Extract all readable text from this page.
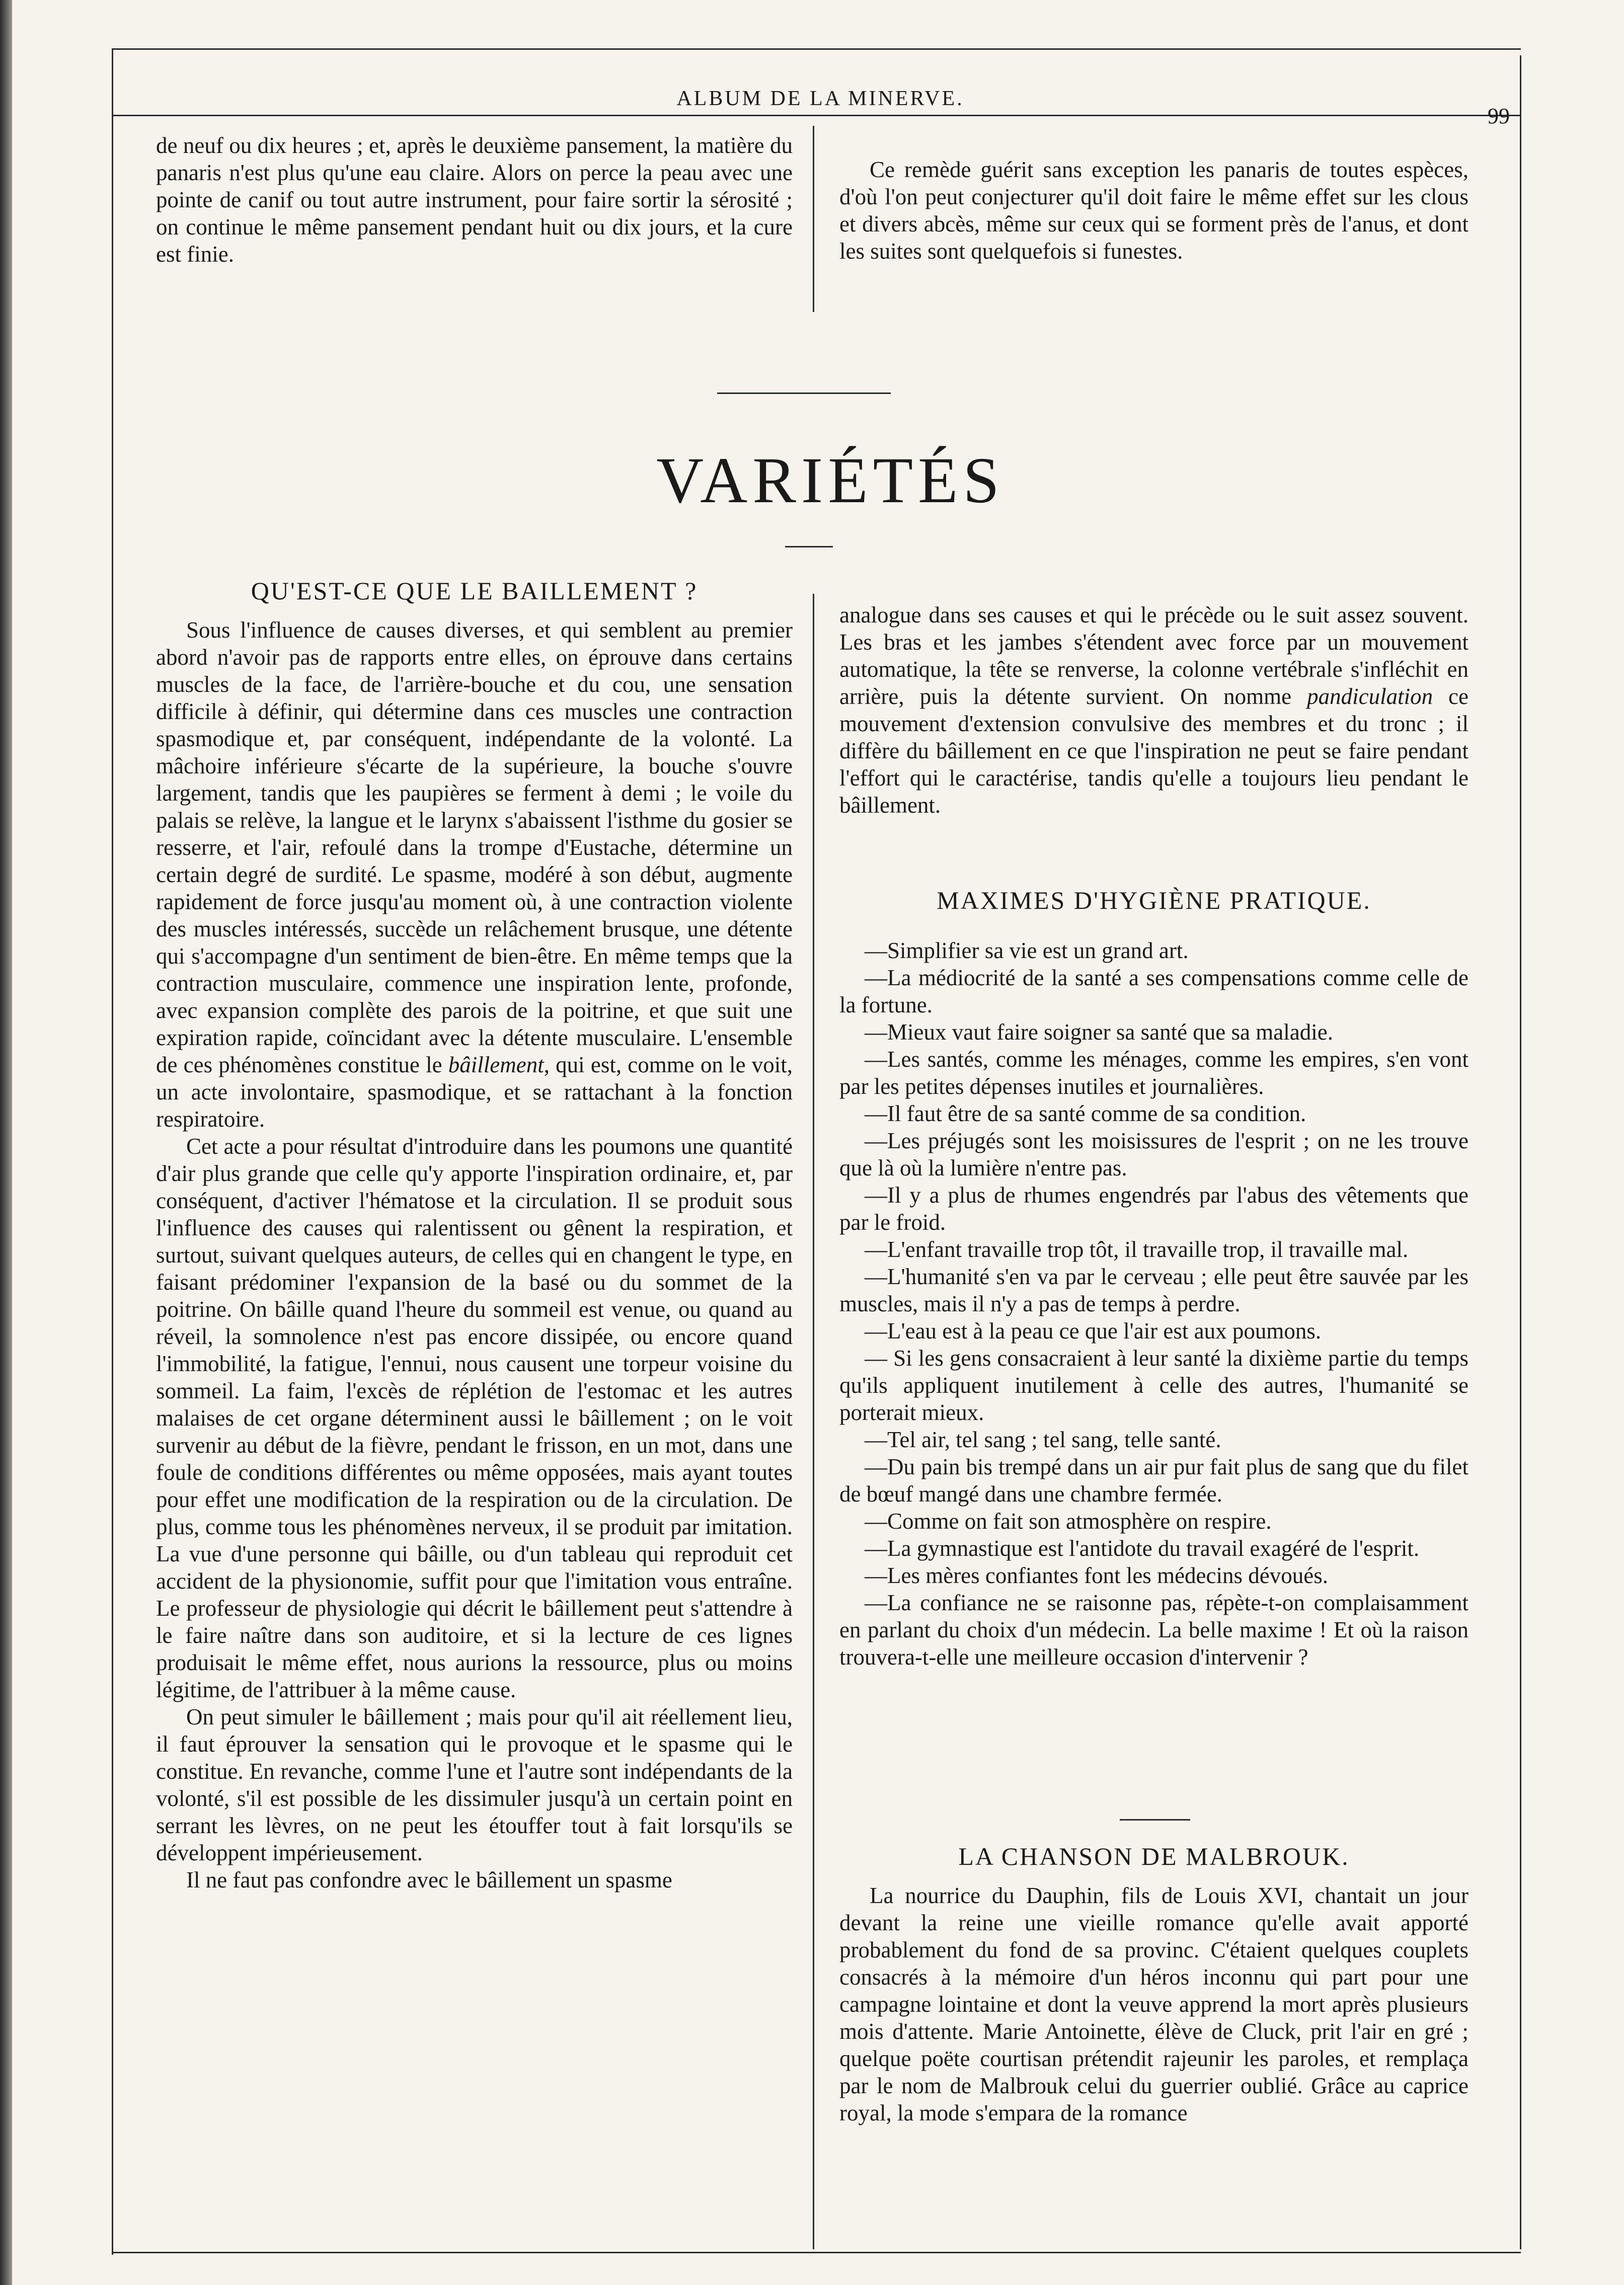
ALBUM DE LA MINERVE.
99

de neuf ou dix heures ; et, après le deuxième pansement, la matière du panaris n'est plus qu'une eau claire. Alors on perce la peau avec une pointe de canif ou tout autre instrument, pour faire sortir la sérosité ; on continue le même pansement pendant huit ou dix jours, et la cure est finie.

Ce remède guérit sans exception les panaris de toutes espèces, d'où l'on peut conjecturer qu'il doit faire le même effet sur les clous et divers abcès, même sur ceux qui se forment près de l'anus, et dont les suites sont quelquefois si funestes.

VARIÉTÉS
QU'EST-CE QUE LE BAILLEMENT ?

Sous l'influence de causes diverses, et qui semblent au premier abord n'avoir pas de rapports entre elles, on éprouve dans certains muscles de la face, de l'arrière-bouche et du cou, une sensation difficile à définir, qui détermine dans ces muscles une contraction spasmodique et, par conséquent, indépendante de la volonté. La mâchoire inférieure s'écarte de la supérieure, la bouche s'ouvre largement, tandis que les paupières se ferment à demi ; le voile du palais se relève, la langue et le larynx s'abaissent l'isthme du gosier se resserre, et l'air, refoulé dans la trompe d'Eustache, détermine un certain degré de surdité. Le spasme, modéré à son début, augmente rapidement de force jusqu'au moment où, à une contraction violente des muscles intéressés, succède un relâchement brusque, une détente qui s'accompagne d'un sentiment de bien-être. En même temps que la contraction musculaire, commence une inspiration lente, profonde, avec expansion complète des parois de la poitrine, et que suit une expiration rapide, coïncidant avec la détente musculaire. L'ensemble de ces phénomènes constitue le bâillement, qui est, comme on le voit, un acte involontaire, spasmodique, et se rattachant à la fonction respiratoire.

Cet acte a pour résultat d'introduire dans les poumons une quantité d'air plus grande que celle qu'y apporte l'inspiration ordinaire, et, par conséquent, d'activer l'hématose et la circulation. Il se produit sous l'influence des causes qui ralentissent ou gênent la respiration, et surtout, suivant quelques auteurs, de celles qui en changent le type, en faisant prédominer l'expansion de la basé ou du sommet de la poitrine. On bâille quand l'heure du sommeil est venue, ou quand au réveil, la somnolence n'est pas encore dissipée, ou encore quand l'immobilité, la fatigue, l'ennui, nous causent une torpeur voisine du sommeil. La faim, l'excès de réplétion de l'estomac et les autres malaises de cet organe déterminent aussi le bâillement ; on le voit survenir au début de la fièvre, pendant le frisson, en un mot, dans une foule de conditions différentes ou même opposées, mais ayant toutes pour effet une modification de la respiration ou de la circulation. De plus, comme tous les phénomènes nerveux, il se produit par imitation. La vue d'une personne qui bâille, ou d'un tableau qui reproduit cet accident de la physionomie, suffit pour que l'imitation vous entraîne. Le professeur de physiologie qui décrit le bâillement peut s'attendre à le faire naître dans son auditoire, et si la lecture de ces lignes produisait le même effet, nous aurions la ressource, plus ou moins légitime, de l'attribuer à la même cause.

On peut simuler le bâillement ; mais pour qu'il ait réellement lieu, il faut éprouver la sensation qui le provoque et le spasme qui le constitue. En revanche, comme l'une et l'autre sont indépendants de la volonté, s'il est possible de les dissimuler jusqu'à un certain point en serrant les lèvres, on ne peut les étouffer tout à fait lorsqu'ils se développent impérieusement.

Il ne faut pas confondre avec le bâillement un spasme

analogue dans ses causes et qui le précède ou le suit assez souvent. Les bras et les jambes s'étendent avec force par un mouvement automatique, la tête se renverse, la colonne vertébrale s'infléchit en arrière, puis la détente survient. On nomme pandiculation ce mouvement d'extension convulsive des membres et du tronc ; il diffère du bâillement en ce que l'inspiration ne peut se faire pendant l'effort qui le caractérise, tandis qu'elle a toujours lieu pendant le bâillement.

MAXIMES D'HYGIÈNE PRATIQUE.

—Simplifier sa vie est un grand art.

—La médiocrité de la santé a ses compensations comme celle de la fortune.

—Mieux vaut faire soigner sa santé que sa maladie.

—Les santés, comme les ménages, comme les empires, s'en vont par les petites dépenses inutiles et journalières.

—Il faut être de sa santé comme de sa condition.

—Les préjugés sont les moisissures de l'esprit ; on ne les trouve que là où la lumière n'entre pas.

—Il y a plus de rhumes engendrés par l'abus des vêtements que par le froid.

—L'enfant travaille trop tôt, il travaille trop, il travaille mal.

—L'humanité s'en va par le cerveau ; elle peut être sauvée par les muscles, mais il n'y a pas de temps à perdre.

—L'eau est à la peau ce que l'air est aux poumons.

— Si les gens consacraient à leur santé la dixième partie du temps qu'ils appliquent inutilement à celle des autres, l'humanité se porterait mieux.

—Tel air, tel sang ; tel sang, telle santé.

—Du pain bis trempé dans un air pur fait plus de sang que du filet de bœuf mangé dans une chambre fermée.

—Comme on fait son atmosphère on respire.

—La gymnastique est l'antidote du travail exagéré de l'esprit.

—Les mères confiantes font les médecins dévoués.

—La confiance ne se raisonne pas, répète-t-on complaisamment en parlant du choix d'un médecin. La belle maxime ! Et où la raison trouvera-t-elle une meilleure occasion d'intervenir ?

LA CHANSON DE MALBROUK.

La nourrice du Dauphin, fils de Louis XVI, chantait un jour devant la reine une vieille romance qu'elle avait apporté probablement du fond de sa provinc. C'étaient quelques couplets consacrés à la mémoire d'un héros inconnu qui part pour une campagne lointaine et dont la veuve apprend la mort après plusieurs mois d'attente. Marie Antoinette, élève de Cluck, prit l'air en gré ; quelque poëte courtisan prétendit rajeunir les paroles, et remplaça par le nom de Malbrouk celui du guerrier oublié. Grâce au caprice royal, la mode s'empara de la romance
